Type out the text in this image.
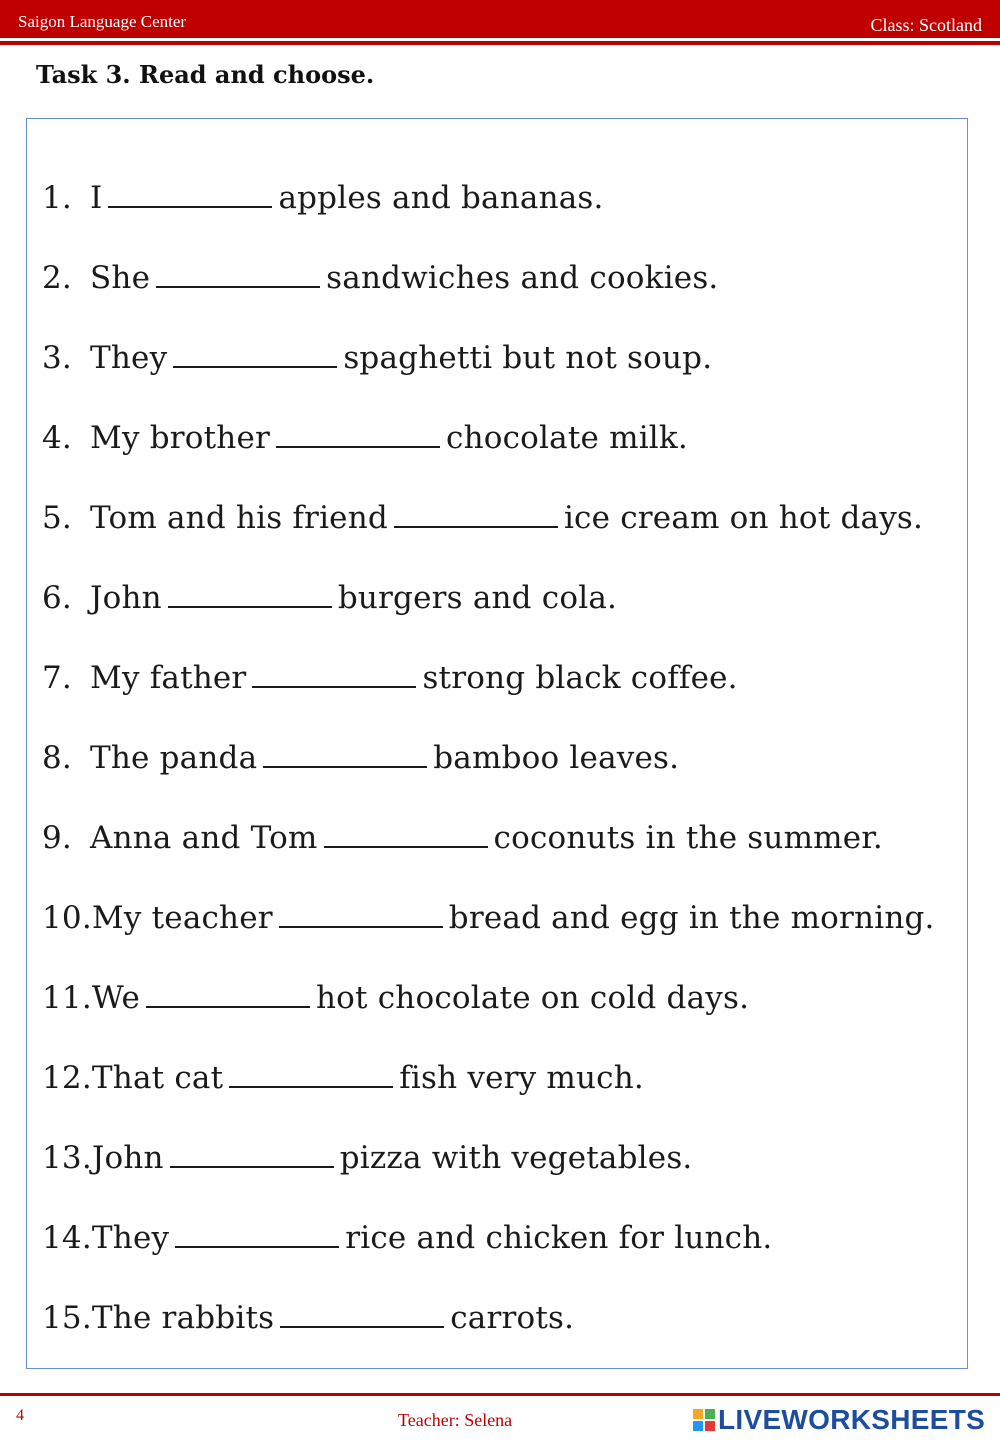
Saigon Language Center	Class: Scotland
Task 3. Read and choose.
1. I	apples and bananas.
2. She	sandwiches and cookies.
3. They	spaghetti but not soup.
4. My brother	chocolate milk.
5. Tom and his friend	ice cream on hot days.
6. John	burgers and cola.
7. My father	strong black coffee.
8. The panda	bamboo leaves.
9. Anna and Tom	coconuts in the summer.
10.My teacher	bread and egg in the morning.
11.We	hot chocolate on cold days.
12.That cat	fish very much.
13.John	pizza with vegetables.
14.They	rice and chicken for lunch.
15.The rabbits	carrots.
4	Teacher: Selena	LIVEWORKSHEETS
